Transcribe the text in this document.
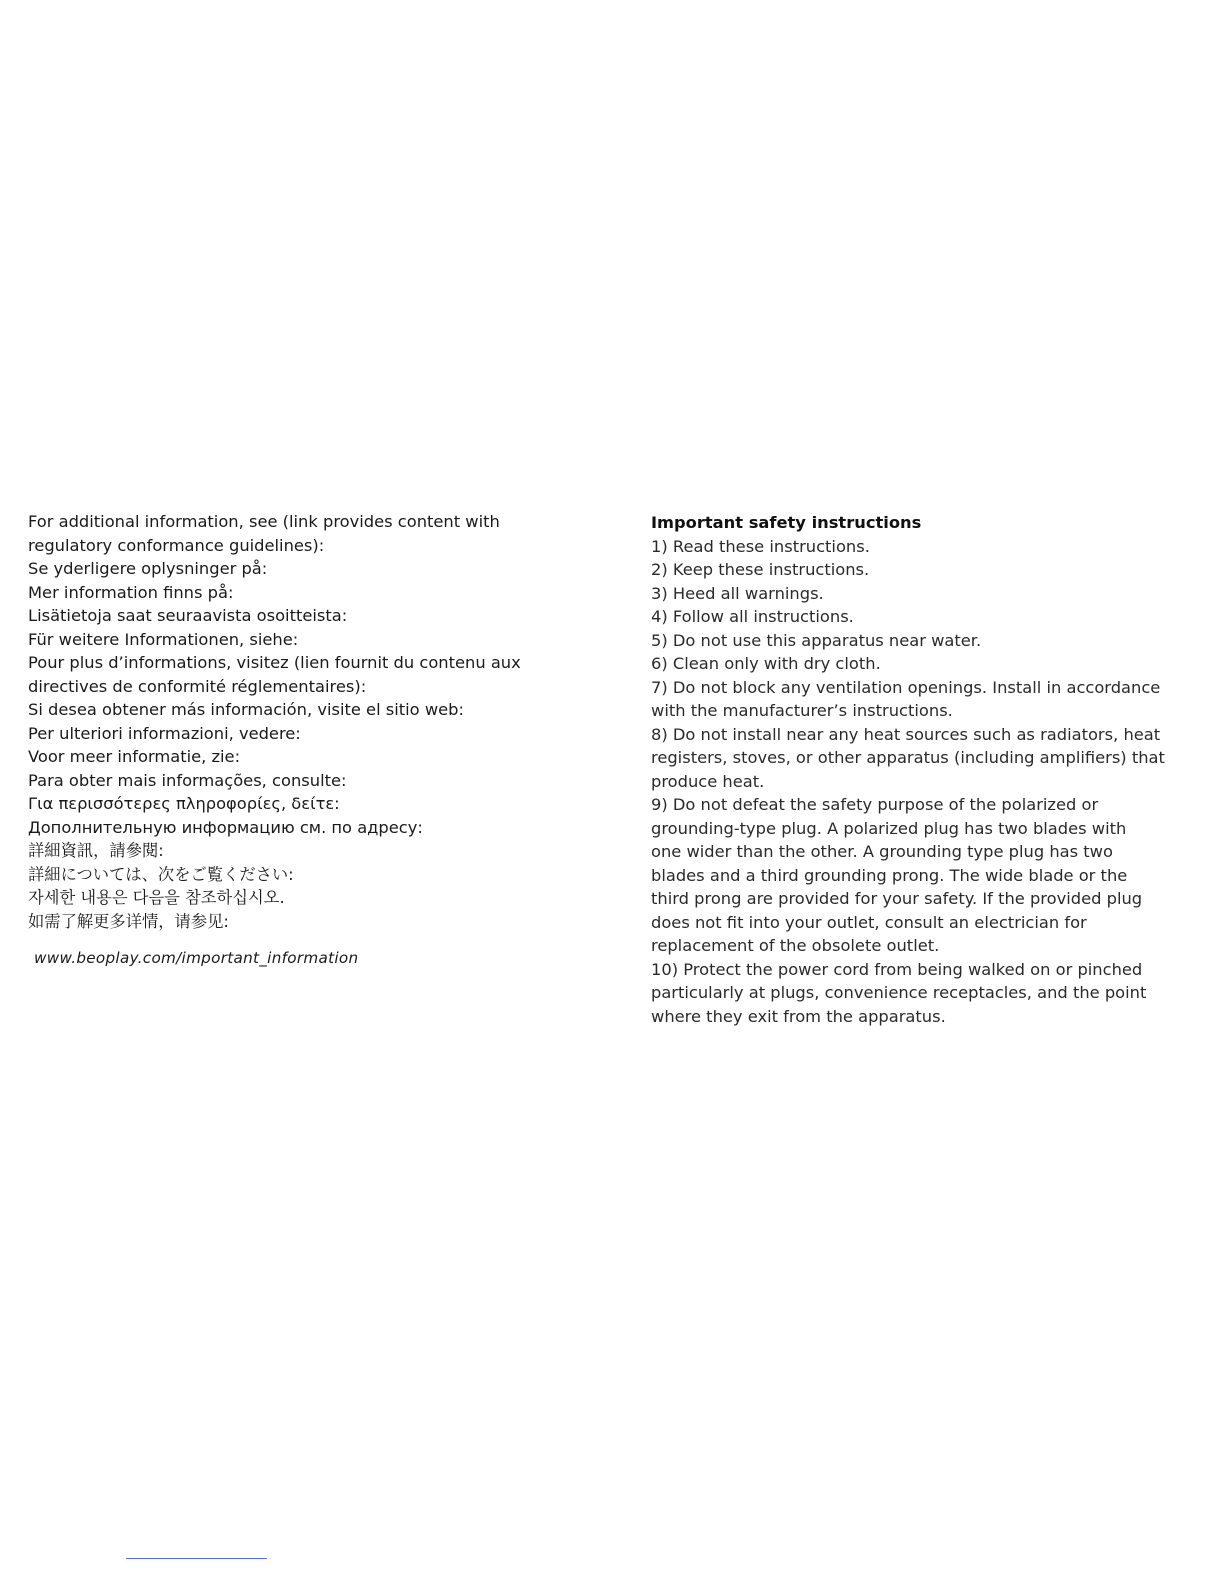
For additional information, see (link provides content with

regulatory conformance guidelines):

Se yderligere oplysninger på:

Mer information finns på:

Lisätietoja saat seuraavista osoitteista:

Für weitere Informationen, siehe:

Pour plus d’informations, visitez (lien fournit du contenu aux

directives de conformité réglementaires):

Si desea obtener más información, visite el sitio web:

Per ulteriori informazioni, vedere:

Voor meer informatie, zie:

Para obter mais informações, consulte:

Για περισσότερες πληροφορίες, δείτε:

Дополнительную информацию см. по адресу:

詳細資訊，請參閱:

詳細については、次をご覧ください:

자세한 내용은 다음을 참조하십시오.

如需了解更多详情，请参见:

www.beoplay.com/important_information

Important safety instructions

1) Read these instructions.

2) Keep these instructions.

3) Heed all warnings.

4) Follow all instructions.

5) Do not use this apparatus near water.

6) Clean only with dry cloth.

7) Do not block any ventilation openings. Install in accordance

with the manufacturer’s instructions.

8) Do not install near any heat sources such as radiators, heat

registers, stoves, or other apparatus (including amplifiers) that

produce heat.

9) Do not defeat the safety purpose of the polarized or

grounding-type plug. A polarized plug has two blades with

one wider than the other. A grounding type plug has two

blades and a third grounding prong. The wide blade or the

third prong are provided for your safety. If the provided plug

does not fit into your outlet, consult an electrician for

replacement of the obsolete outlet.

10) Protect the power cord from being walked on or pinched

particularly at plugs, convenience receptacles, and the point

where they exit from the apparatus.
